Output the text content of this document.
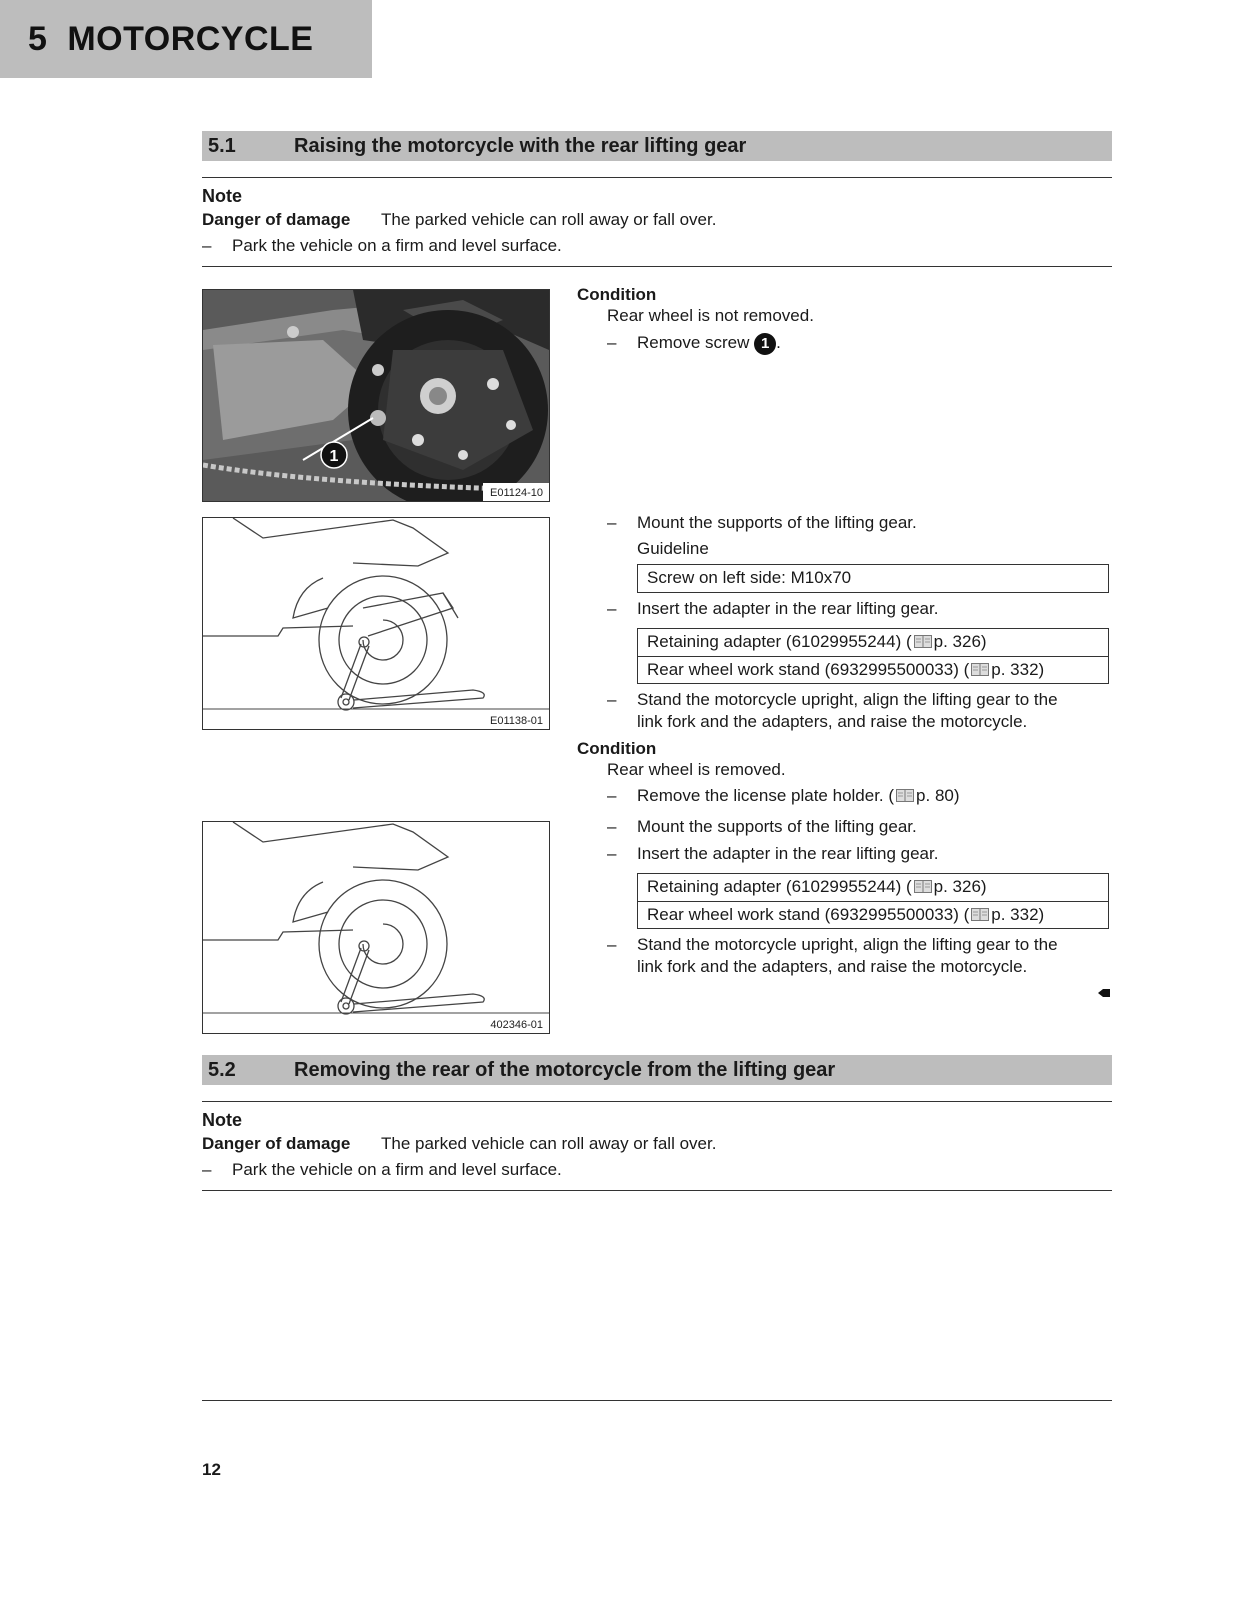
5 MOTORCYCLE
5.1	Raising the motorcycle with the rear lifting gear
Note
Danger of damage The parked vehicle can roll away or fall over.
– Park the vehicle on a firm and level surface.
1
E01124-10
E01138-01
402346-01
Condition
Rear wheel is not removed.
– Remove screw 1 .
– Mount the supports of the lifting gear.
Guideline
Screw on left side: M10x70
– Insert the adapter in the rear lifting gear.
Retaining adapter (61029955244) ( p. 326)
Rear wheel work stand (6932995500033) ( p. 332)
– Stand the motorcycle upright, align the lifting gear to the
link fork and the adapters, and raise the motorcycle.
Condition
Rear wheel is removed.
– Remove the license plate holder. ( p. 80)
– Mount the supports of the lifting gear.
– Insert the adapter in the rear lifting gear.
Retaining adapter (61029955244) ( p. 326)
Rear wheel work stand (6932995500033) ( p. 332)
– Stand the motorcycle upright, align the lifting gear to the
link fork and the adapters, and raise the motorcycle.
5.2	Removing the rear of the motorcycle from the lifting gear
Note
Danger of damage The parked vehicle can roll away or fall over.
– Park the vehicle on a firm and level surface.
12
